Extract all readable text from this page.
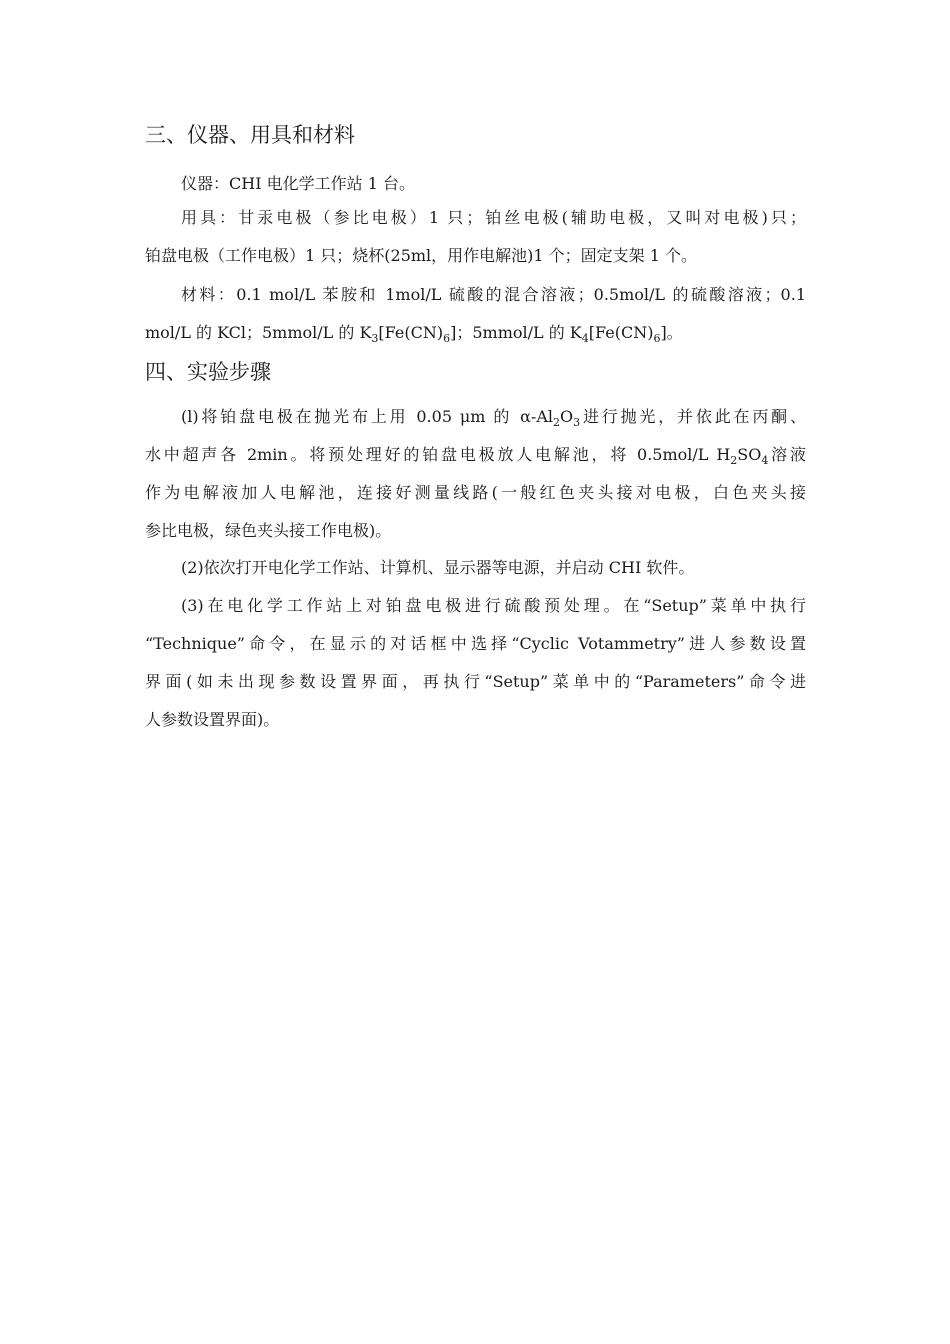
三、仪器、用具和材料
仪器：CHI 电化学工作站 1 台。
用具：甘汞电极（参比电极）1 只；铂丝电极(辅助电极，又叫对电极)只；
铂盘电极（工作电极）1 只；烧杯(25ml，用作电解池)1 个；固定支架 1 个。
材料：0.1 mol/L 苯胺和 1mol/L 硫酸的混合溶液；0.5mol/L 的硫酸溶液；0.1
mol/L 的 KCl；5mmol/L 的 $K_3[Fe(CN)_6]$；5mmol/L 的 $K_4[Fe(CN)_6]$。
四、实验步骤
(l)将铂盘电极在抛光布上用 0.05 μm 的 $\alpha-Al_2O_3$进行抛光，并依此在丙酮、
水中超声各 2min。将预处理好的铂盘电极放人电解池，将 0.5mol/L $H_2SO_4$溶液
作为电解液加人电解池，连接好测量线路(一般红色夹头接对电极，白色夹头接
参比电极，绿色夹头接工作电极)。
(2)依次打开电化学工作站、计算机、显示器等电源，并启动 CHI 软件。
(3)在电化学工作站上对铂盘电极进行硫酸预处理。在“Setup”菜单中执行
“Technique”命令，在显示的对话框中选择“Cyclic Votammetry”进人参数设置
界面(如未出现参数设置界面，再执行“Setup”菜单中的“Parameters”命令进
人参数设置界面)。
